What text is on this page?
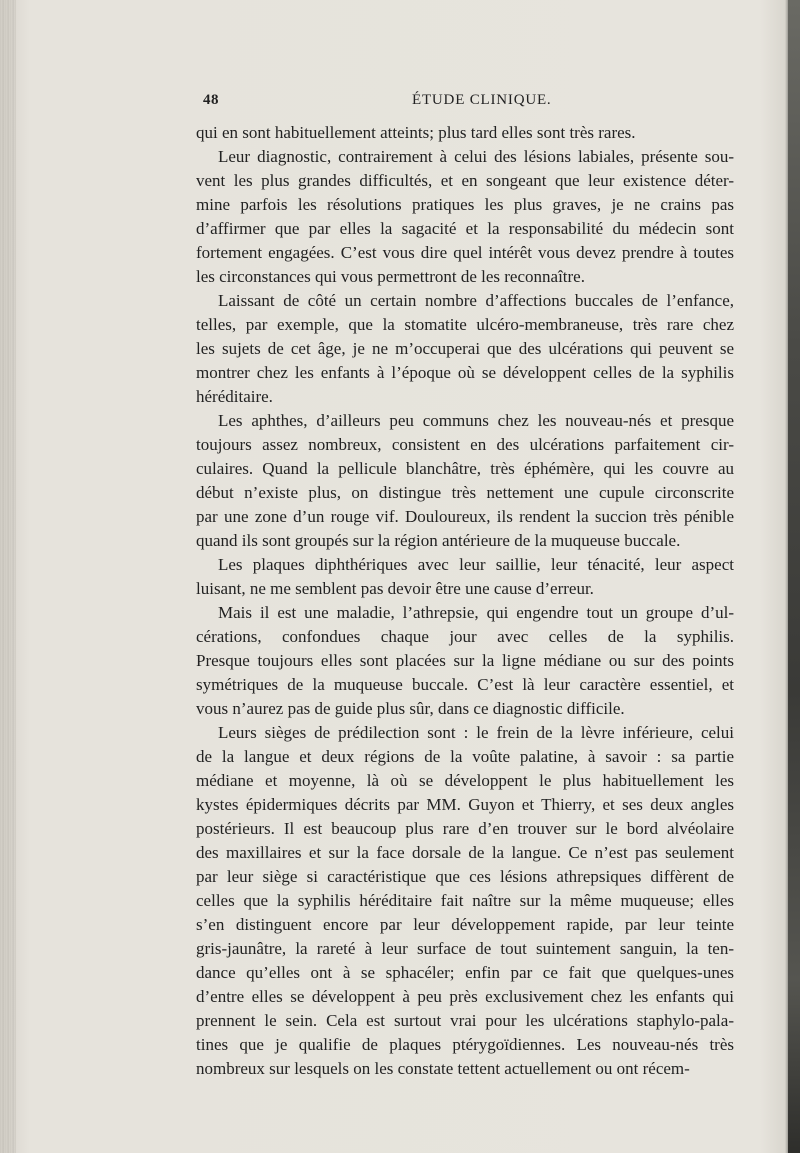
48	ÉTUDE CLINIQUE.
qui en sont habituellement atteints; plus tard elles sont très rares.
Leur diagnostic, contrairement à celui des lésions labiales, présente sou-
vent les plus grandes difficultés, et en songeant que leur existence déter-
mine parfois les résolutions pratiques les plus graves, je ne crains pas
d’affirmer que par elles la sagacité et la responsabilité du médecin sont
fortement engagées. C’est vous dire quel intérêt vous devez prendre à toutes
les circonstances qui vous permettront de les reconnaître.
Laissant de côté un certain nombre d’affections buccales de l’enfance,
telles, par exemple, que la stomatite ulcéro-membraneuse, très rare chez
les sujets de cet âge, je ne m’occuperai que des ulcérations qui peuvent se
montrer chez les enfants à l’époque où se développent celles de la syphilis
héréditaire.
Les aphthes, d’ailleurs peu communs chez les nouveau-nés et presque
toujours assez nombreux, consistent en des ulcérations parfaitement cir-
culaires. Quand la pellicule blanchâtre, très éphémère, qui les couvre au
début n’existe plus, on distingue très nettement une cupule circonscrite
par une zone d’un rouge vif. Douloureux, ils rendent la succion très pénible
quand ils sont groupés sur la région antérieure de la muqueuse buccale.
Les plaques diphthériques avec leur saillie, leur ténacité, leur aspect
luisant, ne me semblent pas devoir être une cause d’erreur.
Mais il est une maladie, l’athrepsie, qui engendre tout un groupe d’ul-
cérations, confondues chaque jour avec celles de la syphilis.
Presque toujours elles sont placées sur la ligne médiane ou sur des points
symétriques de la muqueuse buccale. C’est là leur caractère essentiel, et
vous n’aurez pas de guide plus sûr, dans ce diagnostic difficile.
Leurs sièges de prédilection sont : le frein de la lèvre inférieure, celui
de la langue et deux régions de la voûte palatine, à savoir : sa partie
médiane et moyenne, là où se développent le plus habituellement les
kystes épidermiques décrits par MM. Guyon et Thierry, et ses deux angles
postérieurs. Il est beaucoup plus rare d’en trouver sur le bord alvéolaire
des maxillaires et sur la face dorsale de la langue. Ce n’est pas seulement
par leur siège si caractéristique que ces lésions athrepsiques diffèrent de
celles que la syphilis héréditaire fait naître sur la même muqueuse; elles
s’en distinguent encore par leur développement rapide, par leur teinte
gris-jaunâtre, la rareté à leur surface de tout suintement sanguin, la ten-
dance qu’elles ont à se sphacéler; enfin par ce fait que quelques-unes
d’entre elles se développent à peu près exclusivement chez les enfants qui
prennent le sein. Cela est surtout vrai pour les ulcérations staphylo-pala-
tines que je qualifie de plaques ptérygoïdiennes. Les nouveau-nés très
nombreux sur lesquels on les constate tettent actuellement ou ont récem-
